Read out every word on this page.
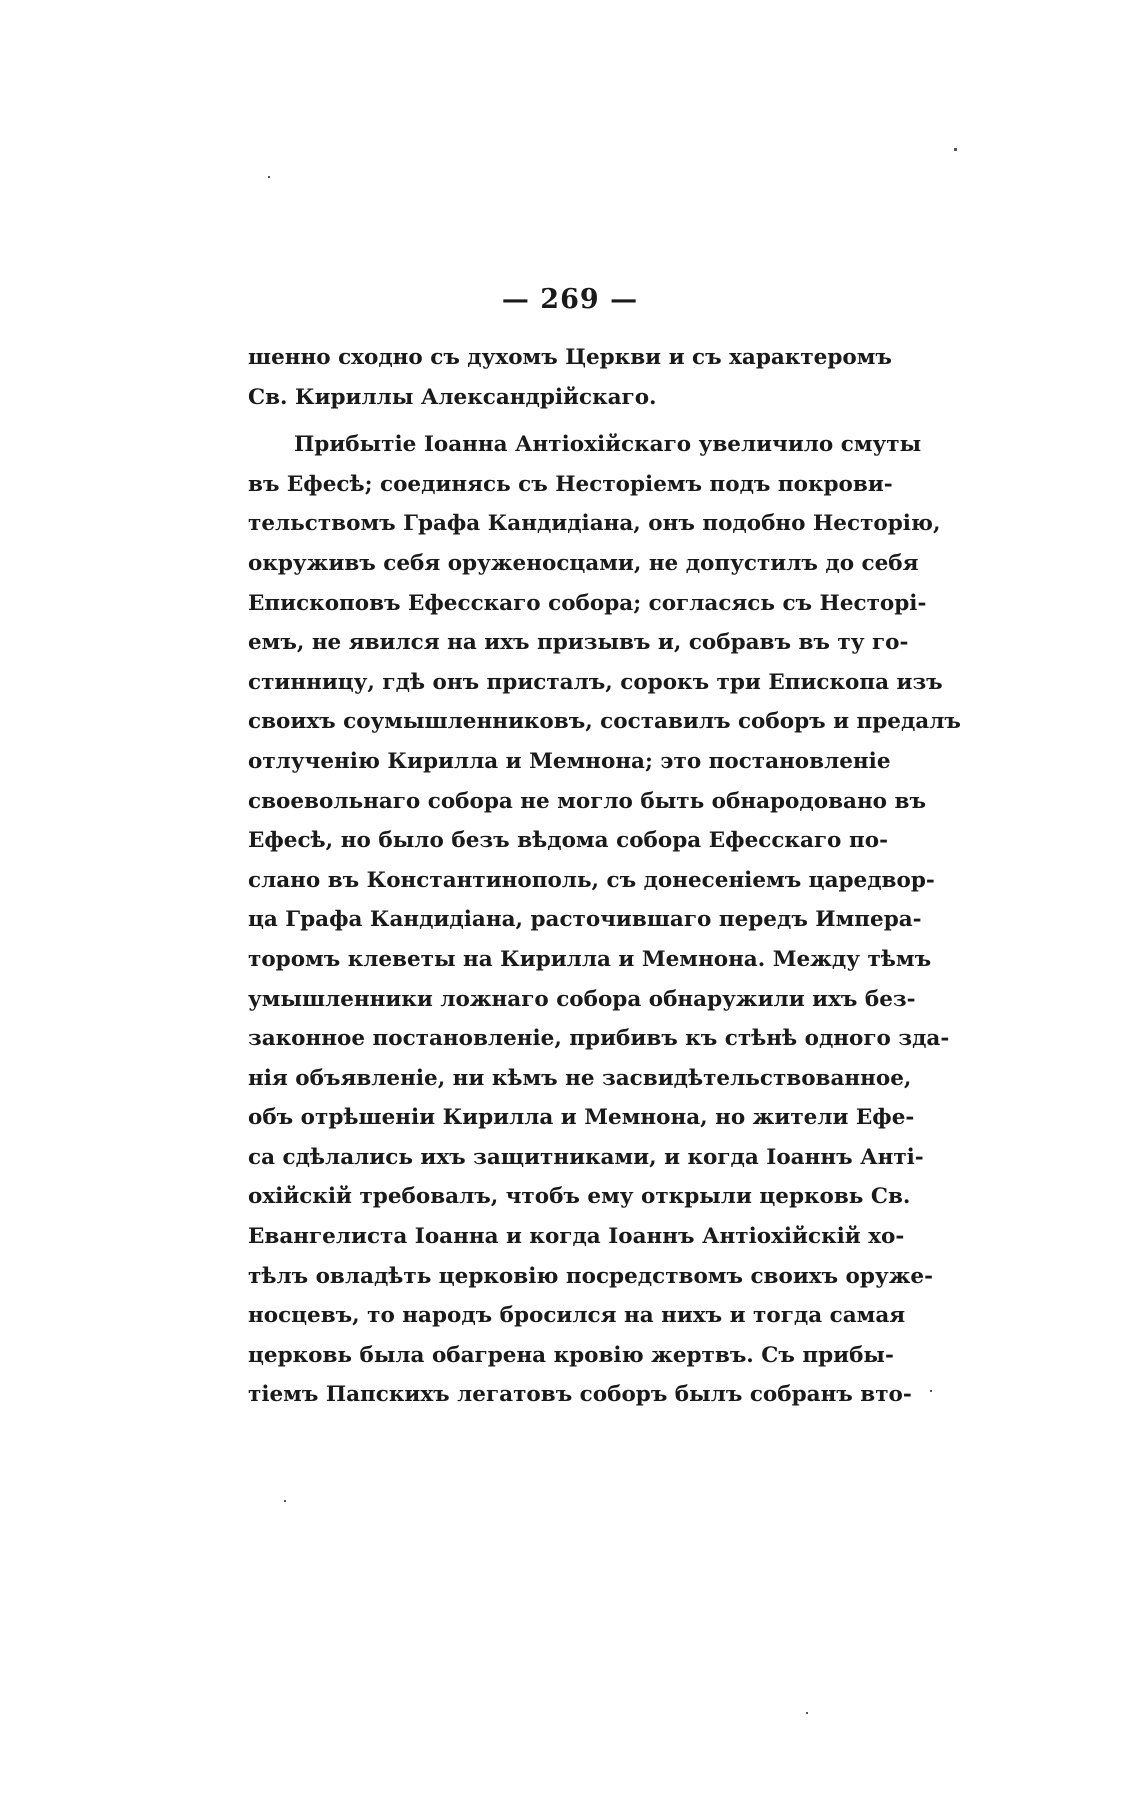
— 269 —
шенно сходно съ духомъ Церкви и съ характеромъ
Св. Кириллы Александрійскаго.
Прибытіе Іоанна Антіохійскаго увеличило смуты
въ Ефесѣ; соединясь съ Несторіемъ подъ покрови-
тельствомъ Графа Кандидіана, онъ подобно Несторію,
окруживъ себя оруженосцами, не допустилъ до себя
Епископовъ Ефесскаго собора; согласясь съ Несторі-
емъ, не явился на ихъ призывъ и, собравъ въ ту го-
стинницу, гдѣ онъ присталъ, сорокъ три Епископа изъ
своихъ соумышленниковъ, составилъ соборъ и предалъ
отлученію Кирилла и Мемнона; это постановленіе
своевольнаго собора не могло быть обнародовано въ
Ефесѣ, но было безъ вѣдома собора Ефесскаго по-
слано въ Константинополь, съ донесеніемъ царедвор-
ца Графа Кандидіана, расточившаго передъ Импера-
торомъ клеветы на Кирилла и Мемнона. Между тѣмъ
умышленники ложнаго собора обнаружили ихъ без-
законное постановленіе, прибивъ къ стѣнѣ одного зда-
нія объявленіе, ни кѣмъ не засвидѣтельствованное,
объ отрѣшеніи Кирилла и Мемнона, но жители Ефе-
са сдѣлались ихъ защитниками, и когда Іоаннъ Анті-
охійскій требовалъ, чтобъ ему открыли церковь Св.
Евангелиста Іоанна и когда Іоаннъ Антіохійскій хо-
тѣлъ овладѣть церковію посредствомъ своихъ оруже-
носцевъ, то народъ бросился на нихъ и тогда самая
церковь была обагрена кровію жертвъ. Съ прибы-
тіемъ Папскихъ легатовъ соборъ былъ собранъ вто-
